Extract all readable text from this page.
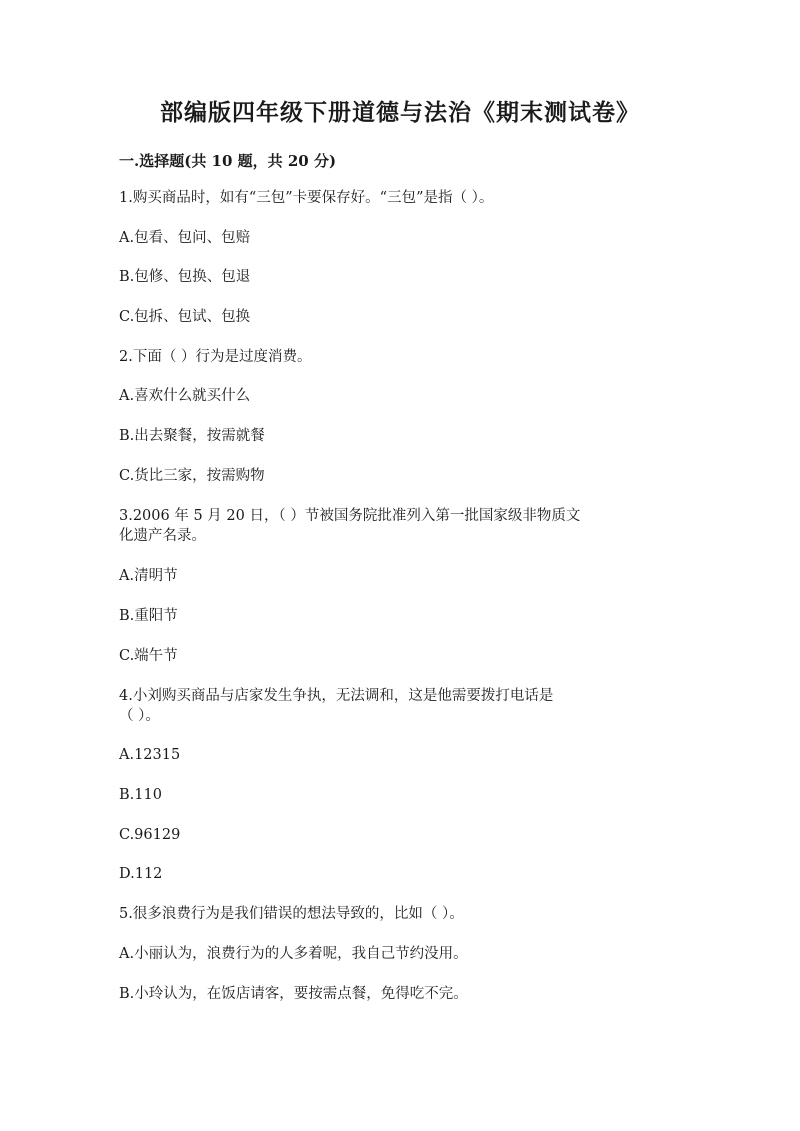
部编版四年级下册道德与法治《期末测试卷》
一.选择题(共 10 题，共 20 分)
1.购买商品时，如有“三包”卡要保存好。“三包”是指（ ）。
A.包看、包问、包赔
B.包修、包换、包退
C.包拆、包试、包换
2.下面（ ）行为是过度消费。
A.喜欢什么就买什么
B.出去聚餐，按需就餐
C.货比三家，按需购物
3.2006 年 5 月 20 日，（ ）节被国务院批准列入第一批国家级非物质文
化遗产名录。
A.清明节
B.重阳节
C.端午节
4.小刘购买商品与店家发生争执，无法调和，这是他需要拨打电话是
（ ）。
A.12315
B.110
C.96129
D.112
5.很多浪费行为是我们错误的想法导致的，比如（ ）。
A.小丽认为，浪费行为的人多着呢，我自己节约没用。
B.小玲认为，在饭店请客，要按需点餐，免得吃不完。
